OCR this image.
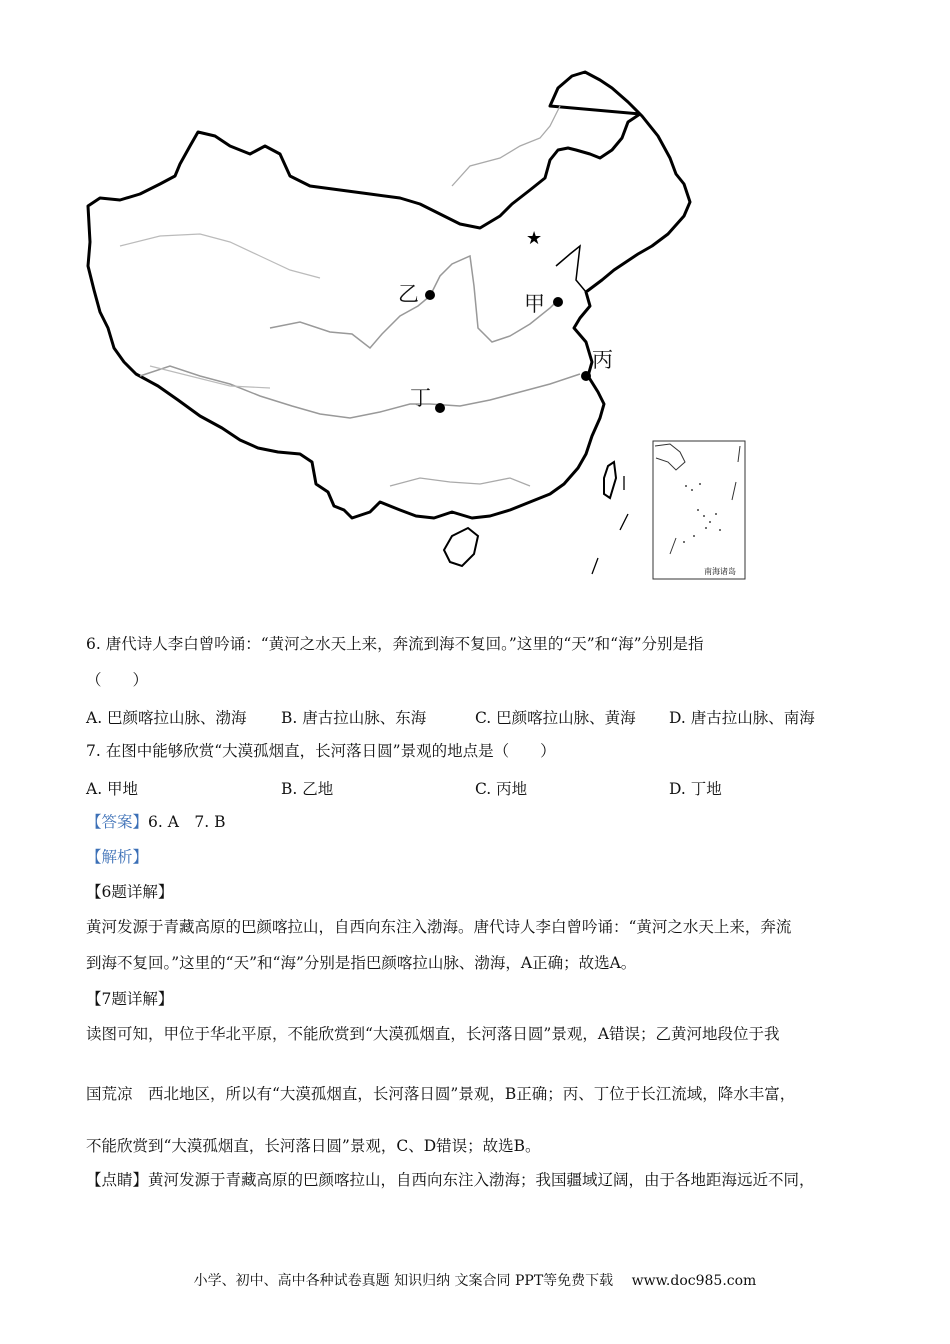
★
乙	甲
丙
丁
南海诸岛
6. 唐代诗人李白曾吟诵：“黄河之水天上来，奔流到海不复回。”这里的“天”和“海”分别是指
（　　）
A. 巴颜喀拉山脉、渤海 B. 唐古拉山脉、东海	C. 巴颜喀拉山脉、黄海 D. 唐古拉山脉、南海
7. 在图中能够欣赏“大漠孤烟直，长河落日圆”景观的地点是（　　）
A. 甲地	B. 乙地	C. 丙地	D. 丁地
【答案】6. A　7. B
【解析】
【6题详解】
黄河发源于青藏高原的巴颜喀拉山，自西向东注入渤海。唐代诗人李白曾吟诵：“黄河之水天上来，奔流
到海不复回。”这里的“天”和“海”分别是指巴颜喀拉山脉、渤海，A正确；故选A。
【7题详解】
读图可知，甲位于华北平原，不能欣赏到“大漠孤烟直，长河落日圆”景观，A错误；乙黄河地段位于我
国荒凉　西北地区，所以有“大漠孤烟直，长河落日圆”景观，B正确；丙、丁位于长江流域，降水丰富，
不能欣赏到“大漠孤烟直，长河落日圆”景观，C、D错误；故选B。
【点睛】黄河发源于青藏高原的巴颜喀拉山，自西向东注入渤海；我国疆域辽阔，由于各地距海远近不同，
小学、初中、高中各种试卷真题 知识归纳 文案合同 PPT等免费下载　 www.doc985.com
